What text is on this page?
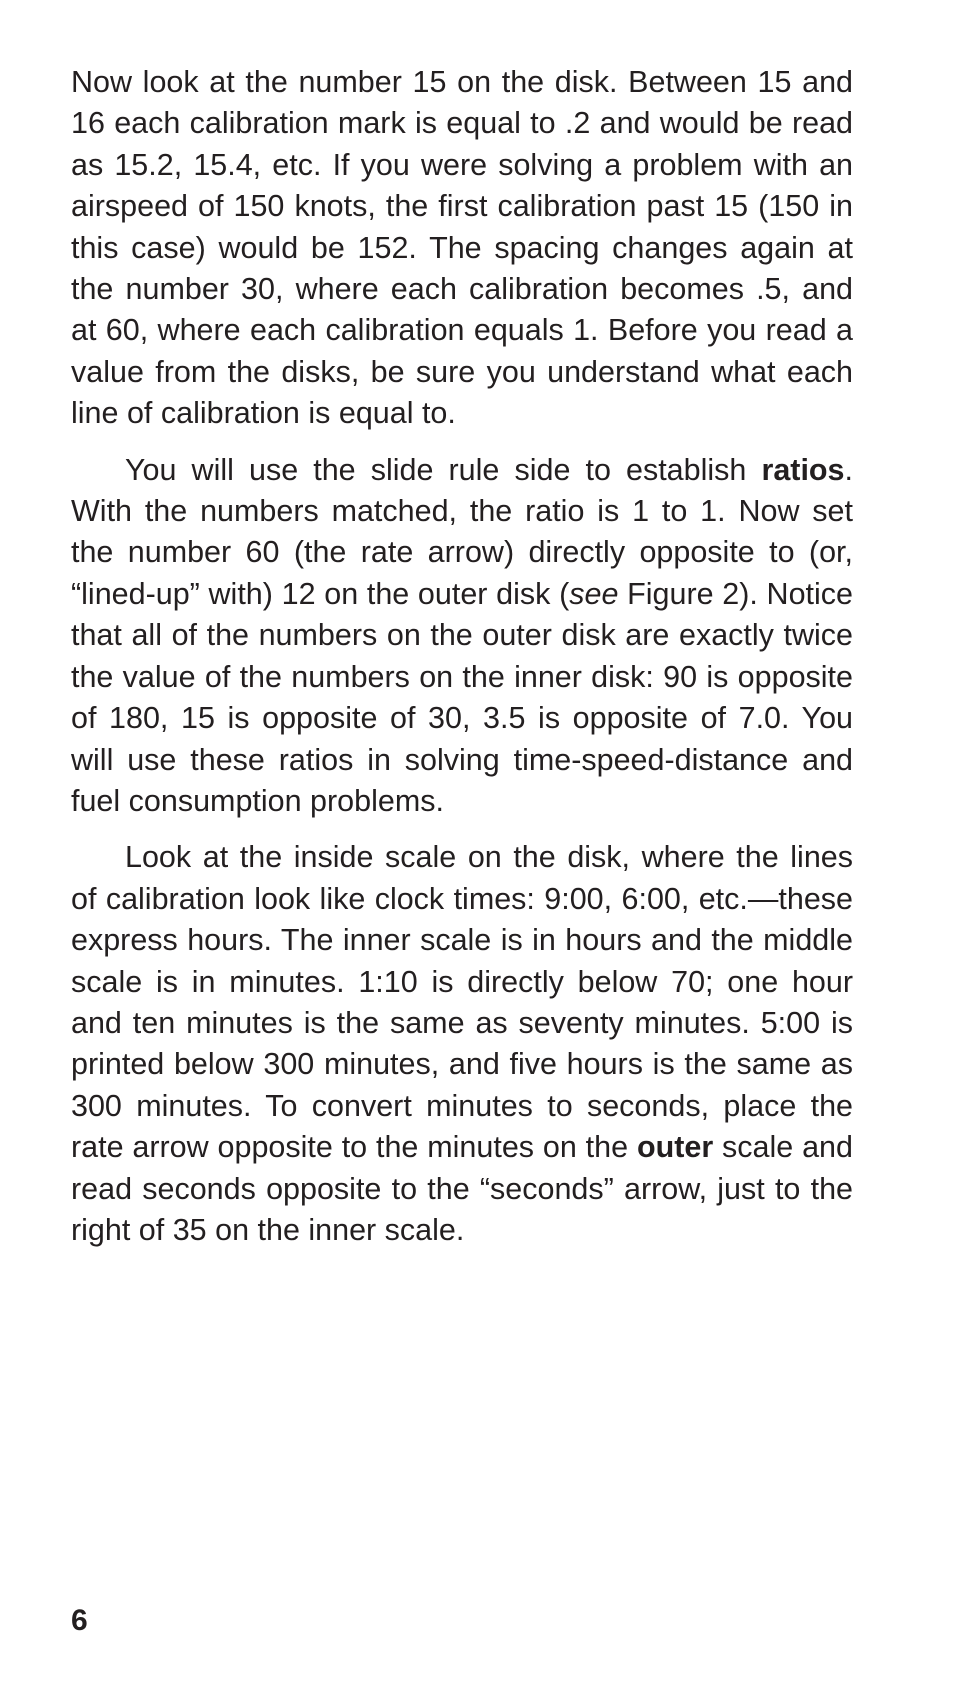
Now look at the number 15 on the disk. Between 15 and 16 each calibration mark is equal to .2 and would be read as 15.2, 15.4, etc. If you were solving a problem with an airspeed of 150 knots, the first calibration past 15 (150 in this case) would be 152. The spacing changes again at the number 30, where each calibration becomes .5, and at 60, where each calibration equals 1. Before you read a value from the disks, be sure you understand what each line of calibration is equal to.

You will use the slide rule side to establish ratios. With the numbers matched, the ratio is 1 to 1. Now set the number 60 (the rate arrow) directly opposite to (or, “lined-up” with) 12 on the outer disk (see Figure 2). Notice that all of the numbers on the outer disk are exactly twice the value of the numbers on the inner disk: 90 is opposite of 180, 15 is opposite of 30, 3.5 is opposite of 7.0. You will use these ratios in solving time-speed-distance and fuel consumption problems.

Look at the inside scale on the disk, where the lines of calibration look like clock times: 9:00, 6:00, etc.—these express hours. The inner scale is in hours and the middle scale is in minutes. 1:10 is directly below 70; one hour and ten minutes is the same as seventy minutes. 5:00 is printed below 300 minutes, and five hours is the same as 300 minutes. To convert minutes to seconds, place the rate arrow opposite to the minutes on the outer scale and read seconds opposite to the “seconds” arrow, just to the right of 35 on the inner scale.

6
